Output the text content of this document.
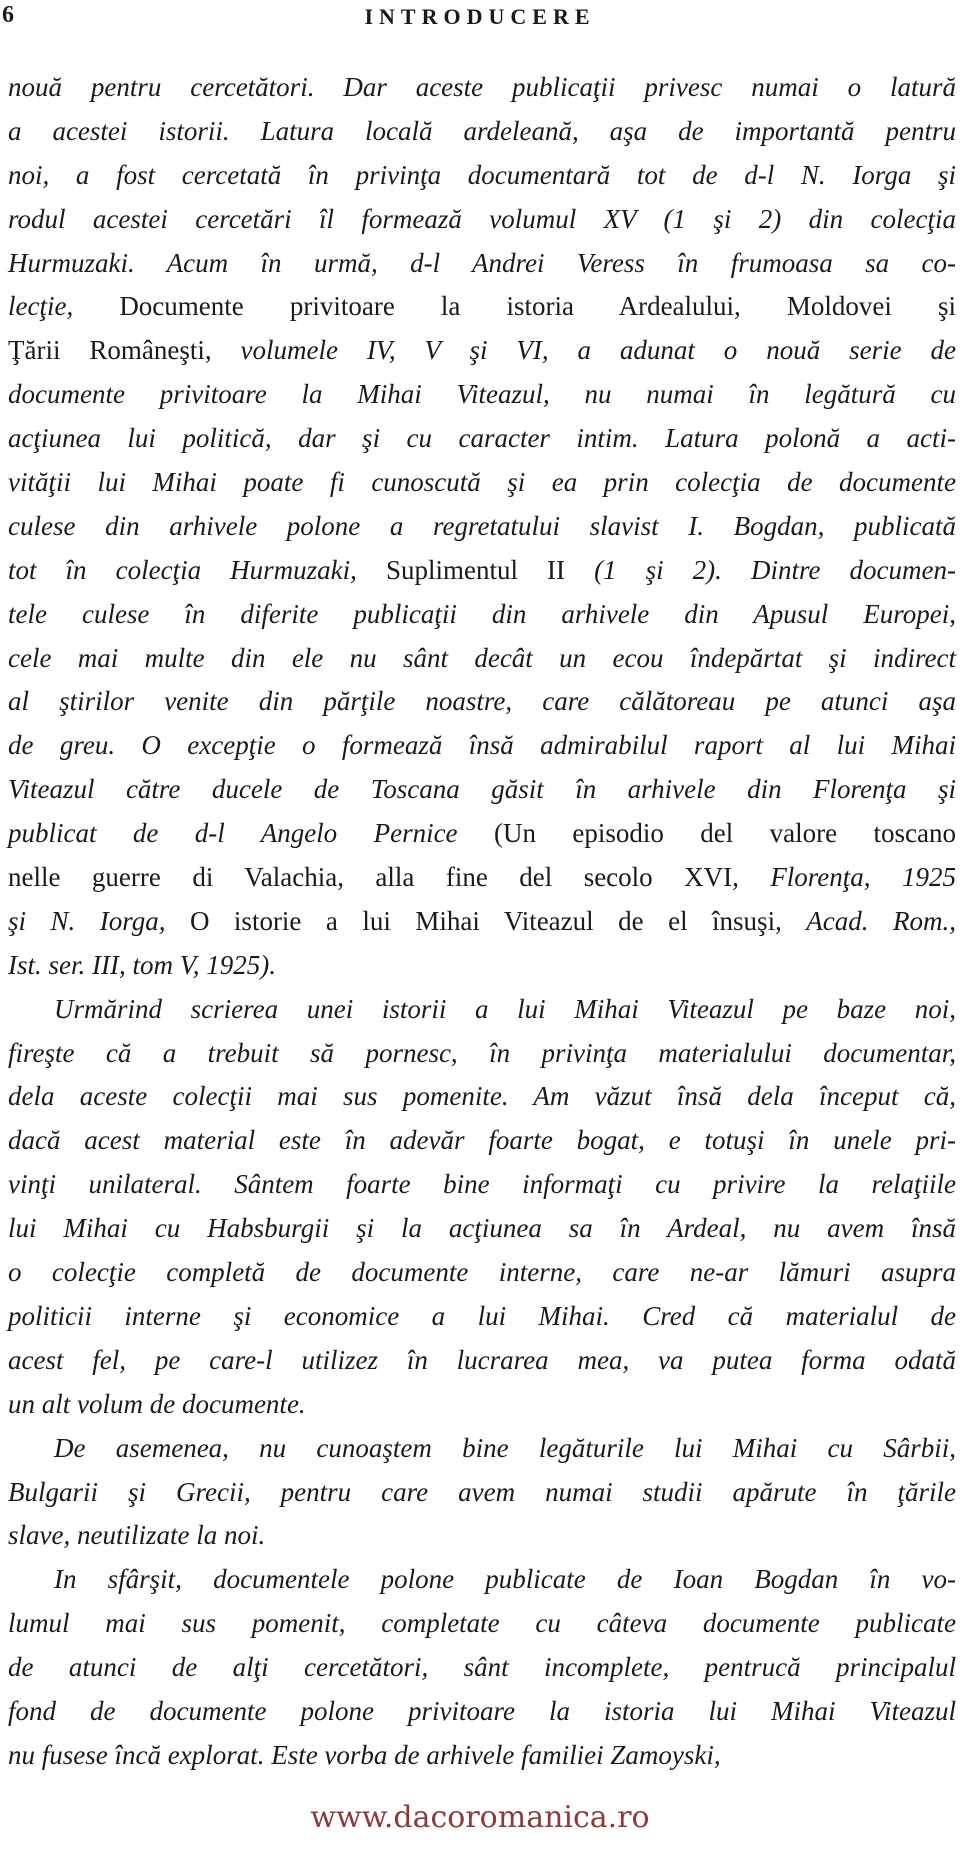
6	INTRODUCERE
nouă pentru cercetători. Dar aceste publicaţii privesc numai o latură
a acestei istorii. Latura locală ardeleană, aşa de importantă pentru
noi, a fost cercetată în privinţa documentară tot de d-l N. Iorga şi
rodul acestei cercetări îl formează volumul XV (1 şi 2) din colecţia
Hurmuzaki. Acum în urmă, d-l Andrei Veress în frumoasa sa co-
lecţie, Documente privitoare la istoria Ardealului, Moldovei şi
Ţării Româneşti, volumele IV, V şi VI, a adunat o nouă serie de
documente privitoare la Mihai Viteazul, nu numai în legătură cu
acţiunea lui politică, dar şi cu caracter intim. Latura polonă a acti-
vităţii lui Mihai poate fi cunoscută şi ea prin colecţia de documente
culese din arhivele polone a regretatului slavist I. Bogdan, publicată
tot în colecţia Hurmuzaki, Suplimentul II (1 şi 2). Dintre documen-
tele culese în diferite publicaţii din arhivele din Apusul Europei,
cele mai multe din ele nu sânt decât un ecou îndepărtat şi indirect
al ştirilor venite din părţile noastre, care călătoreau pe atunci aşa
de greu. O excepţie o formează însă admirabilul raport al lui Mihai
Viteazul către ducele de Toscana găsit în arhivele din Florenţa şi
publicat de d-l Angelo Pernice (Un episodio del valore toscano
nelle guerre di Valachia, alla fine del secolo XVI, Florenţa, 1925
şi N. Iorga, O istorie a lui Mihai Viteazul de el însuşi, Acad. Rom.,
Ist. ser. III, tom V, 1925).
Urmărind scrierea unei istorii a lui Mihai Viteazul pe baze noi,
fireşte că a trebuit să pornesc, în privinţa materialului documentar,
dela aceste colecţii mai sus pomenite. Am văzut însă dela început că,
dacă acest material este în adevăr foarte bogat, e totuşi în unele pri-
vinţi unilateral. Sântem foarte bine informaţi cu privire la relaţiile
lui Mihai cu Habsburgii şi la acţiunea sa în Ardeal, nu avem însă
o colecţie completă de documente interne, care ne-ar lămuri asupra
politicii interne şi economice a lui Mihai. Cred că materialul de
acest fel, pe care-l utilizez în lucrarea mea, va putea forma odată
un alt volum de documente.
De asemenea, nu cunoaştem bine legăturile lui Mihai cu Sârbii,
Bulgarii şi Grecii, pentru care avem numai studii apărute în ţările
slave, neutilizate la noi.
In sfârşit, documentele polone publicate de Ioan Bogdan în vo-
lumul mai sus pomenit, completate cu câteva documente publicate
de atunci de alţi cercetători, sânt incomplete, pentrucă principalul
fond de documente polone privitoare la istoria lui Mihai Viteazul
nu fusese încă explorat. Este vorba de arhivele familiei Zamoyski,
www.dacoromanica.ro
